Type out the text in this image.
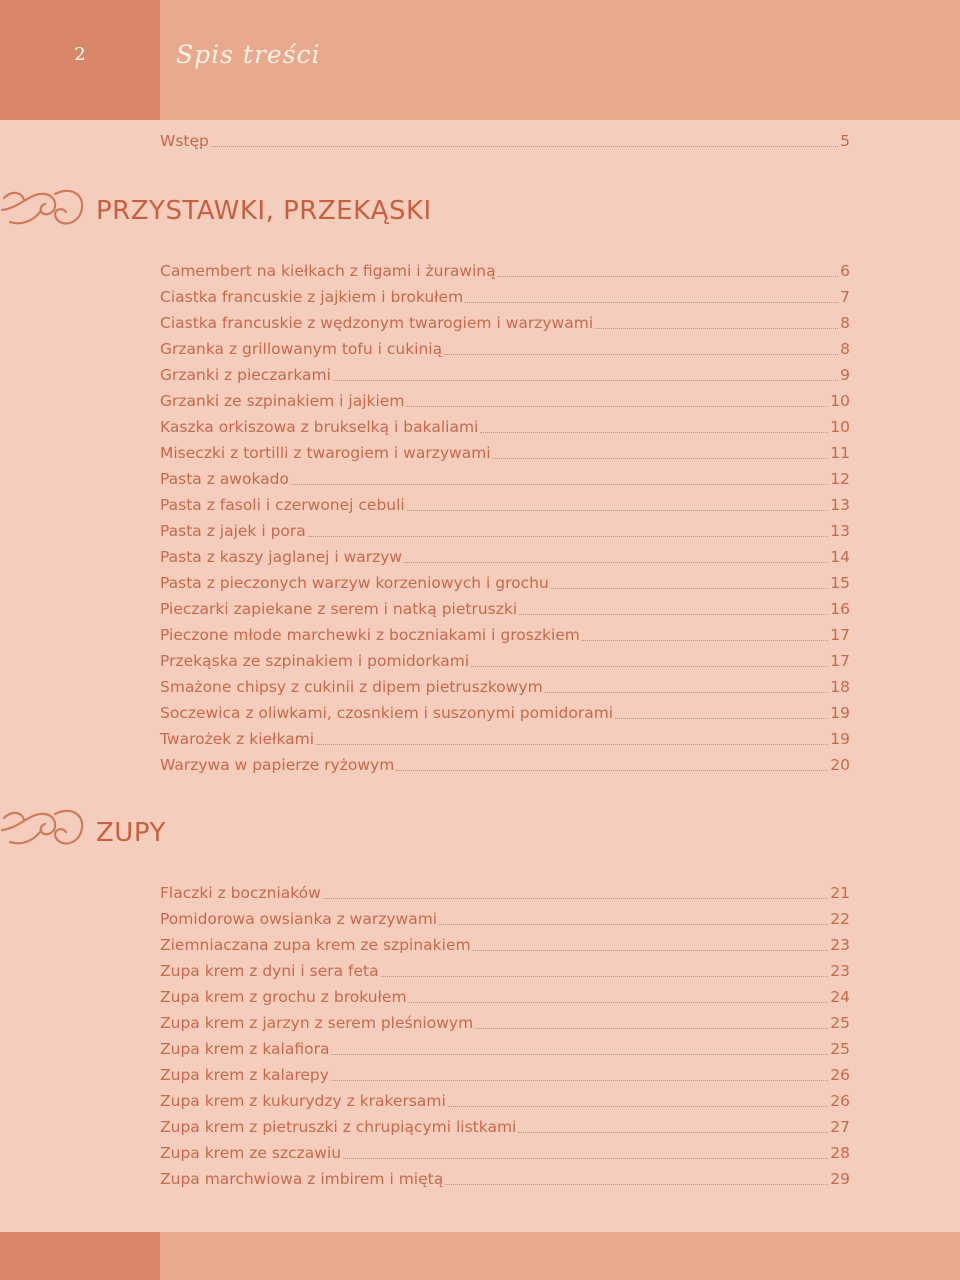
2	Spis treści
Wstęp	5
PRZYSTAWKI, PRZEKĄSKI
Camembert na kiełkach z figami i żurawiną	6
Ciastka francuskie z jajkiem i brokułem	7
Ciastka francuskie z wędzonym twarogiem i warzywami	8
Grzanka z grillowanym tofu i cukinią	8
Grzanki z pieczarkami	9
Grzanki ze szpinakiem i jajkiem	10
Kaszka orkiszowa z brukselką i bakaliami	10
Miseczki z tortilli z twarogiem i warzywami	11
Pasta z awokado	12
Pasta z fasoli i czerwonej cebuli	13
Pasta z jajek i pora	13
Pasta z kaszy jaglanej i warzyw	14
Pasta z pieczonych warzyw korzeniowych i grochu	15
Pieczarki zapiekane z serem i natką pietruszki	16
Pieczone młode marchewki z boczniakami i groszkiem	17
Przekąska ze szpinakiem i pomidorkami	17
Smażone chipsy z cukinii z dipem pietruszkowym	18
Soczewica z oliwkami, czosnkiem i suszonymi pomidorami	19
Twarożek z kiełkami	19
Warzywa w papierze ryżowym	20
ZUPY
Flaczki z boczniaków	21
Pomidorowa owsianka z warzywami	22
Ziemniaczana zupa krem ze szpinakiem	23
Zupa krem z dyni i sera feta	23
Zupa krem z grochu z brokułem	24
Zupa krem z jarzyn z serem pleśniowym	25
Zupa krem z kalafiora	25
Zupa krem z kalarepy	26
Zupa krem z kukurydzy z krakersami	26
Zupa krem z pietruszki z chrupiącymi listkami	27
Zupa krem ze szczawiu	28
Zupa marchwiowa z imbirem i miętą	29
